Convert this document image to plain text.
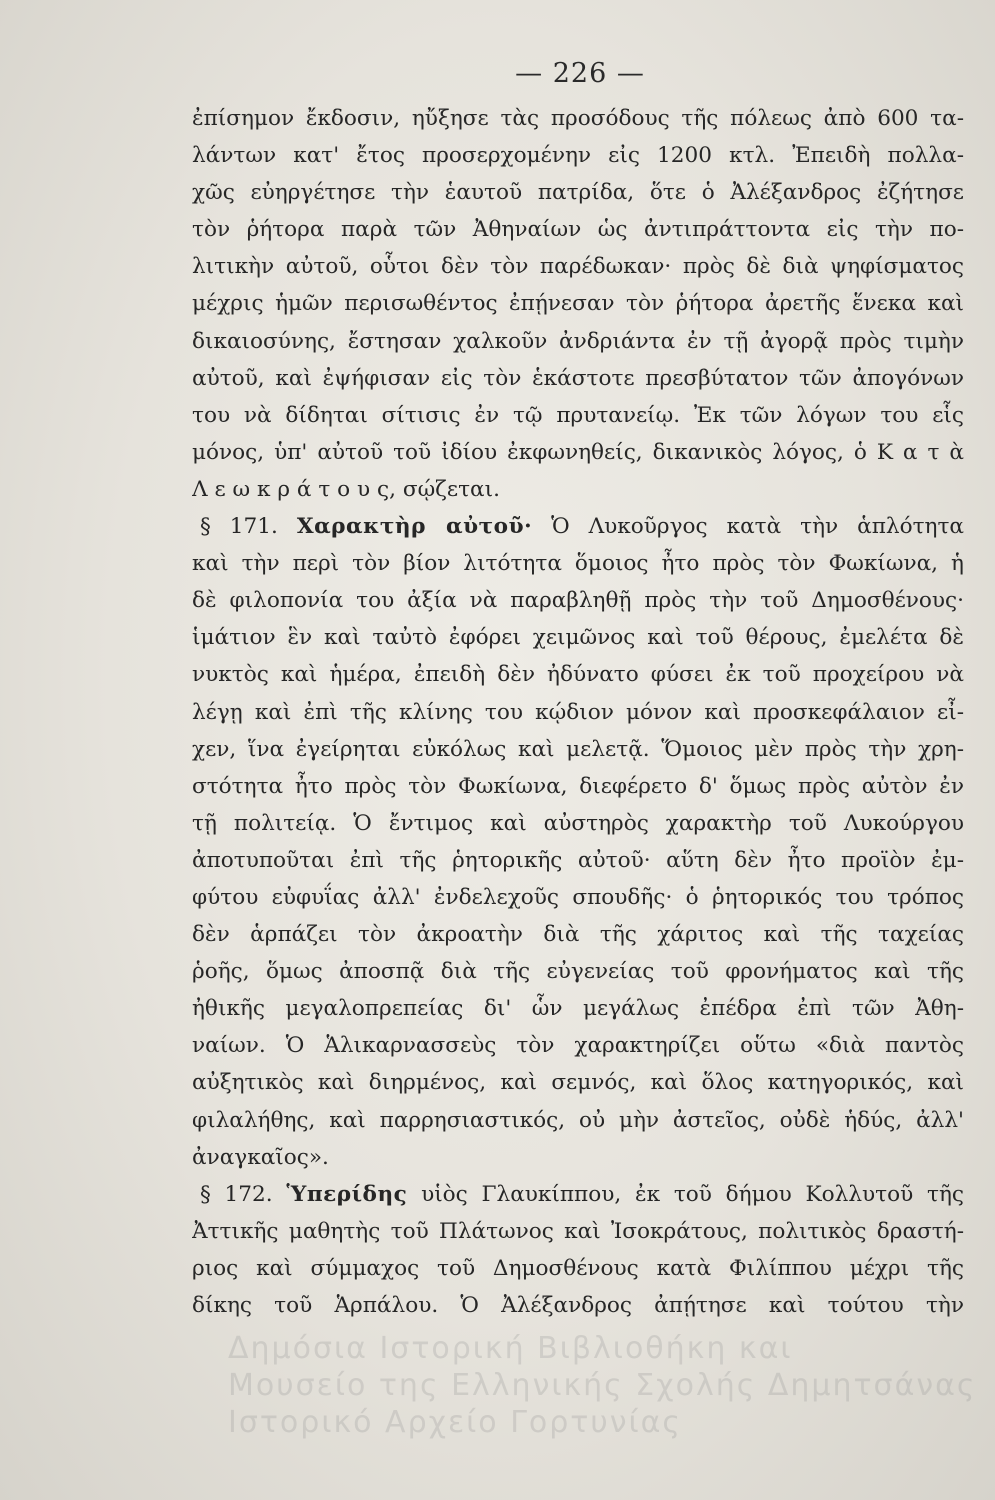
— 226 —
ἐπίσημον ἔκδοσιν, ηὔξησε τὰς προσόδους τῆς πόλεως ἀπὸ 600 τα-
λάντων κατ' ἔτος προσερχομένην εἰς 1200 κτλ. Ἐπειδὴ πολλα-
χῶς εὐηργέτησε τὴν ἑαυτοῦ πατρίδα, ὅτε ὁ Ἀλέξανδρος ἐζήτησε
τὸν ῥήτορα παρὰ τῶν Ἀθηναίων ὡς ἀντιπράττοντα εἰς τὴν πο-
λιτικὴν αὐτοῦ, οὗτοι δὲν τὸν παρέδωκαν· πρὸς δὲ διὰ ψηφίσματος
μέχρις ἡμῶν περισωθέντος ἐπῄνεσαν τὸν ῥήτορα ἀρετῆς ἕνεκα καὶ
δικαιοσύνης, ἔστησαν χαλκοῦν ἀνδριάντα ἐν τῇ ἀγορᾷ πρὸς τιμὴν
αὐτοῦ, καὶ ἐψήφισαν εἰς τὸν ἑκάστοτε πρεσβύτατον τῶν ἀπογόνων
του νὰ δίδηται σίτισις ἐν τῷ πρυτανείῳ. Ἐκ τῶν λόγων του εἷς
μόνος, ὑπ' αὐτοῦ τοῦ ἰδίου ἐκφωνηθείς, δικανικὸς λόγος, ὁ Κ α τ ὰ
Λ ε ω κ ρ ά τ ο υ ς, σῴζεται.
§ 171. Χαρακτὴρ αὐτοῦ· Ὁ Λυκοῦργος κατὰ τὴν ἁπλότητα
καὶ τὴν περὶ τὸν βίον λιτότητα ὅμοιος ἦτο πρὸς τὸν Φωκίωνα, ἡ
δὲ φιλοπονία του ἀξία νὰ παραβληθῇ πρὸς τὴν τοῦ Δημοσθένους·
ἱμάτιον ἓν καὶ ταὐτὸ ἐφόρει χειμῶνος καὶ τοῦ θέρους, ἐμελέτα δὲ
νυκτὸς καὶ ἡμέρα, ἐπειδὴ δὲν ἠδύνατο φύσει ἐκ τοῦ προχείρου νὰ
λέγῃ καὶ ἐπὶ τῆς κλίνης του κῴδιον μόνον καὶ προσκεφάλαιον εἶ-
χεν, ἵνα ἐγείρηται εὐκόλως καὶ μελετᾷ. Ὅμοιος μὲν πρὸς τὴν χρη-
στότητα ἦτο πρὸς τὸν Φωκίωνα, διεφέρετο δ' ὅμως πρὸς αὐτὸν ἐν
τῇ πολιτείᾳ. Ὁ ἔντιμος καὶ αὐστηρὸς χαρακτὴρ τοῦ Λυκούργου
ἀποτυποῦται ἐπὶ τῆς ῥητορικῆς αὐτοῦ· αὕτη δὲν ἦτο προϊὸν ἐμ-
φύτου εὐφυΐας ἀλλ' ἐνδελεχοῦς σπουδῆς· ὁ ῥητορικός του τρόπος
δὲν ἁρπάζει τὸν ἀκροατὴν διὰ τῆς χάριτος καὶ τῆς ταχείας
ῥοῆς, ὅμως ἀποσπᾷ διὰ τῆς εὐγενείας τοῦ φρονήματος καὶ τῆς
ἠθικῆς μεγαλοπρεπείας δι' ὧν μεγάλως ἐπέδρα ἐπὶ τῶν Ἀθη-
ναίων. Ὁ Ἁλικαρνασσεὺς τὸν χαρακτηρίζει οὕτω «διὰ παντὸς
αὐξητικὸς καὶ διηρμένος, καὶ σεμνός, καὶ ὅλος κατηγορικός, καὶ
φιλαλήθης, καὶ παρρησιαστικός, οὐ μὴν ἀστεῖος, οὐδὲ ἡδύς, ἀλλ'
ἀναγκαῖος».
§ 172. Ὑπερίδης υἱὸς Γλαυκίππου, ἐκ τοῦ δήμου Κολλυτοῦ τῆς
Ἀττικῆς μαθητὴς τοῦ Πλάτωνος καὶ Ἰσοκράτους, πολιτικὸς δραστή-
ριος καὶ σύμμαχος τοῦ Δημοσθένους κατὰ Φιλίππου μέχρι τῆς
δίκης τοῦ Ἁρπάλου. Ὁ Ἀλέξανδρος ἀπῄτησε καὶ τούτου τὴν
Δημόσια Ιστορική Βιβλιοθήκη και
Μουσείο της Ελληνικής Σχολής Δημητσάνας
Ιστορικό Αρχείο Γορτυνίας
